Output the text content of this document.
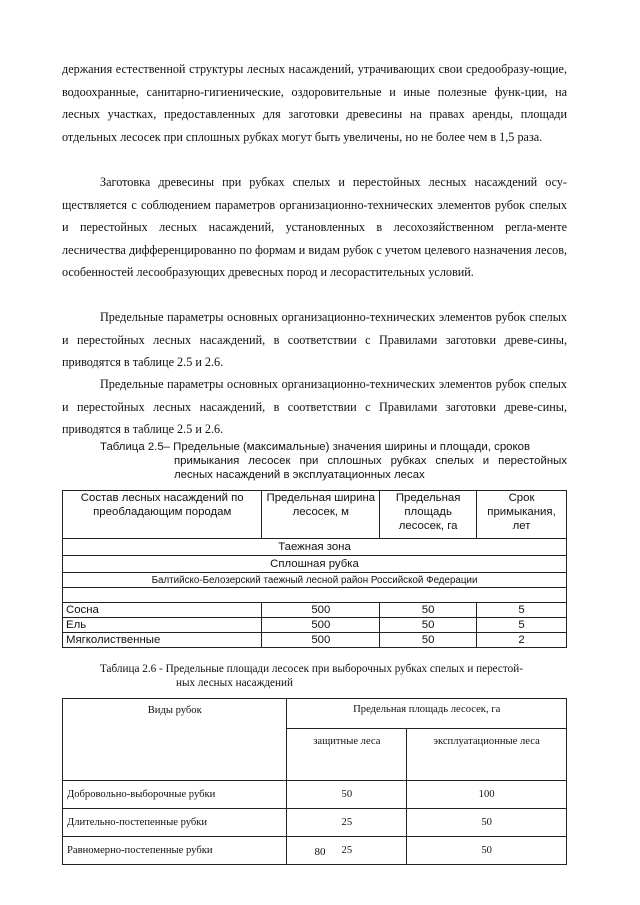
держания естественной структуры лесных насаждений, утрачивающих свои средообразу-ющие, водоохранные, санитарно-гигиенические, оздоровительные и иные полезные функ-ции, на лесных участках, предоставленных для заготовки древесины на правах аренды, площади отдельных лесосек при сплошных рубках могут быть увеличены, но не более чем в 1,5 раза.

Заготовка древесины при рубках спелых и перестойных лесных насаждений осу-ществляется с соблюдением параметров организационно-технических элементов рубок спелых и перестойных лесных насаждений, установленных в лесохозяйственном регла-менте лесничества дифференцированно по формам и видам рубок с учетом целевого назначения лесов, особенностей лесообразующих древесных пород и лесорастительных условий.

Предельные параметры основных организационно-технических элементов рубок спелых и перестойных лесных насаждений, в соответствии с Правилами заготовки древе-сины, приводятся в таблице 2.5 и 2.6.

Предельные параметры основных организационно-технических элементов рубок спелых и перестойных лесных насаждений, в соответствии с Правилами заготовки древе-сины, приводятся в таблице 2.5 и 2.6.

Таблица 2.5– Предельные (максимальные) значения ширины и площади, сроков
примыкания лесосек при сплошных рубках спелых и перестойных лесных насаждений в эксплуатационных лесах
Состав лесных насаждений по преобладающим породам	Предельная ширина лесосек, м	Предельная площадь лесосек, га	Срок примыкания, лет
Таежная зона			
Сплошная рубка			
Балтийско-Белозерский таежный лесной район Российской Федерации			

Сосна	500	50	5
Ель	500	50	5
Мягколиственные	500	50	2
Таблица 2.6 - Предельные площади лесосек при выборочных рубках спелых и перестой-
ных лесных насаждений
Виды рубок	Предельная площадь лесосек, га	
	защитные леса	эксплуатационные леса
Добровольно-выборочные рубки	50	100
Длительно-постепенные рубки	25	50
Равномерно-постепенные рубки	25	50
80
